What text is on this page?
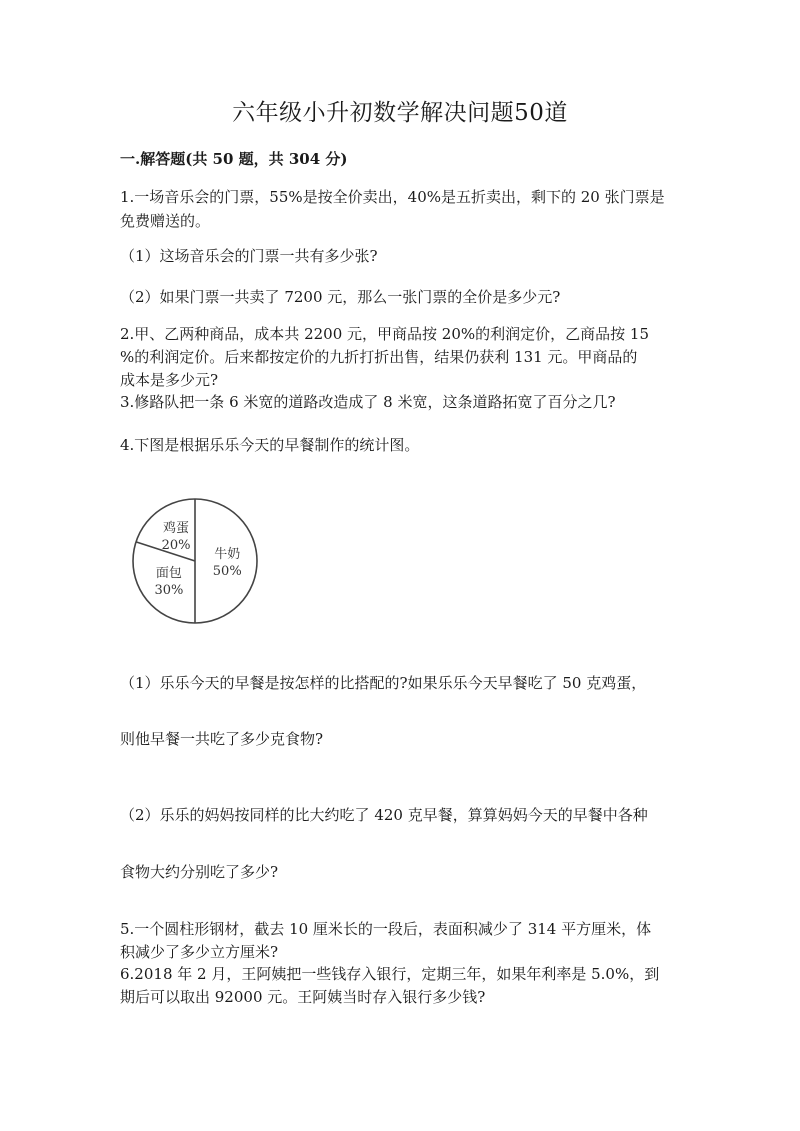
六年级小升初数学解决问题50道
一.解答题(共 50 题，共 304 分)
1.一场音乐会的门票，55%是按全价卖出，40%是五折卖出，剩下的 20 张门票是
免费赠送的。
（1）这场音乐会的门票一共有多少张?
（2）如果门票一共卖了 7200 元，那么一张门票的全价是多少元?
2.甲、乙两种商品，成本共 2200 元，甲商品按 20%的利润定价，乙商品按 15
%的利润定价。后来都按定价的九折打折出售，结果仍获利 131 元。甲商品的
成本是多少元?
3.修路队把一条 6 米宽的道路改造成了 8 米宽，这条道路拓宽了百分之几?
4.下图是根据乐乐今天的早餐制作的统计图。
牛奶
50%
面包
30%
鸡蛋
20%
（1）乐乐今天的早餐是按怎样的比搭配的?如果乐乐今天早餐吃了 50 克鸡蛋，
则他早餐一共吃了多少克食物?
（2）乐乐的妈妈按同样的比大约吃了 420 克早餐，算算妈妈今天的早餐中各种
食物大约分别吃了多少?
5.一个圆柱形钢材，截去 10 厘米长的一段后，表面积减少了 314 平方厘米，体
积减少了多少立方厘米?
6.2018 年 2 月，王阿姨把一些钱存入银行，定期三年，如果年利率是 5.0%，到
期后可以取出 92000 元。王阿姨当时存入银行多少钱?
